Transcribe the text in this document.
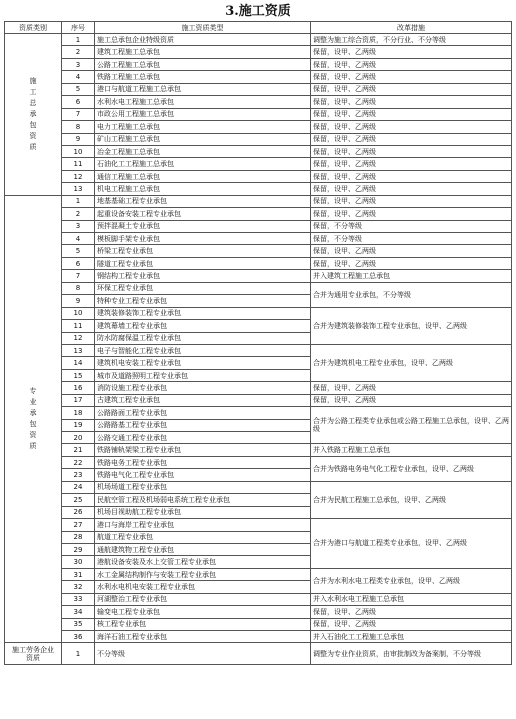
3.施工资质
资质类别	序号	施工资质类型	改革措施
施工总承包资质	1	施工总承包企业特级资质	调整为施工综合资质，不分行业、不分等级
	2	建筑工程施工总承包	保留，设甲、乙两级
	3	公路工程施工总承包	保留，设甲、乙两级
	4	铁路工程施工总承包	保留，设甲、乙两级
	5	港口与航道工程施工总承包	保留，设甲、乙两级
	6	水利水电工程施工总承包	保留，设甲、乙两级
	7	市政公用工程施工总承包	保留，设甲、乙两级
	8	电力工程施工总承包	保留，设甲、乙两级
	9	矿山工程施工总承包	保留，设甲、乙两级
	10	冶金工程施工总承包	保留，设甲、乙两级
	11	石油化工工程施工总承包	保留，设甲、乙两级
	12	通信工程施工总承包	保留，设甲、乙两级
	13	机电工程施工总承包	保留，设甲、乙两级
专业承包资质	1	地基基础工程专业承包	保留，设甲、乙两级
	2	起重设备安装工程专业承包	保留，设甲、乙两级
	3	预拌混凝土专业承包	保留，不分等级
	4	模板脚手架专业承包	保留，不分等级
	5	桥梁工程专业承包	保留，设甲、乙两级
	6	隧道工程专业承包	保留，设甲、乙两级
	7	钢结构工程专业承包	并入建筑工程施工总承包
	8	环保工程专业承包	合并为通用专业承包，不分等级
	9	特种专业工程专业承包	
	10	建筑装修装饰工程专业承包	合并为建筑装修装饰工程专业承包，设甲、乙两级
	11	建筑幕墙工程专业承包	
	12	防水防腐保温工程专业承包	
	13	电子与智能化工程专业承包	合并为建筑机电工程专业承包，设甲、乙两级
	14	建筑机电安装工程专业承包	
	15	城市及道路照明工程专业承包	
	16	消防设施工程专业承包	保留，设甲、乙两级
	17	古建筑工程专业承包	保留，设甲、乙两级
	18	公路路面工程专业承包	合并为公路工程类专业承包或公路工程施工总承包，设甲、乙两级
	19	公路路基工程专业承包	
	20	公路交通工程专业承包	
	21	铁路铺轨架梁工程专业承包	并入铁路工程施工总承包
	22	铁路电务工程专业承包	合并为铁路电务电气化工程专业承包，设甲、乙两级
	23	铁路电气化工程专业承包	
	24	机场场道工程专业承包	合并为民航工程施工总承包，设甲、乙两级
	25	民航空管工程及机场弱电系统工程专业承包	
	26	机场目视助航工程专业承包	
	27	港口与海岸工程专业承包	合并为港口与航道工程类专业承包，设甲、乙两级
	28	航道工程专业承包	
	29	通航建筑物工程专业承包	
	30	港航设备安装及水上交管工程专业承包	
	31	水工金属结构制作与安装工程专业承包	合并为水利水电工程类专业承包，设甲、乙两级
	32	水利水电机电安装工程专业承包	
	33	河湖整治工程专业承包	并入水利水电工程施工总承包
	34	输变电工程专业承包	保留，设甲、乙两级
	35	核工程专业承包	保留，设甲、乙两级
	36	海洋石油工程专业承包	并入石油化工工程施工总承包
施工劳务企业资质	1	不分等级	调整为专业作业资质，由审批制改为备案制，不分等级
